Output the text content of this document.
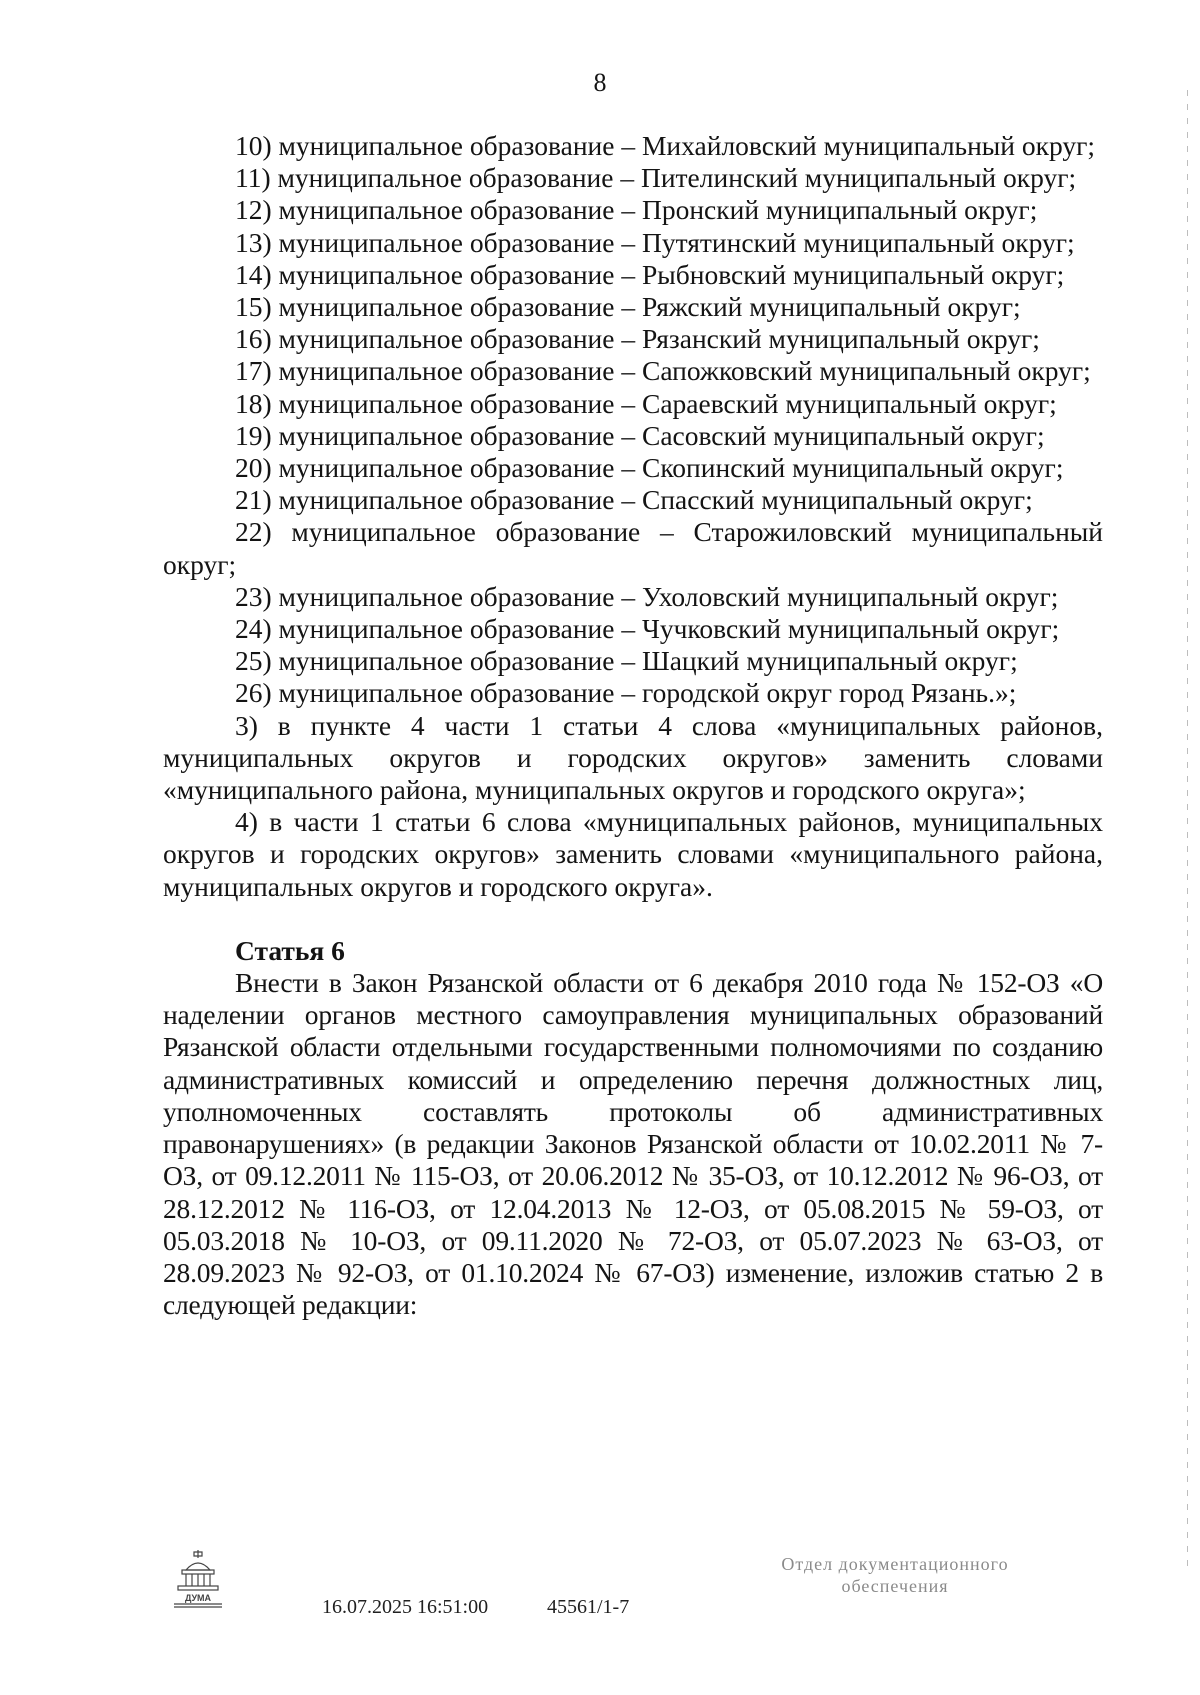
8

10) муниципальное образование – Михайловский муниципальный округ;

11) муниципальное образование – Пителинский муниципальный округ;

12) муниципальное образование – Пронский муниципальный округ;

13) муниципальное образование – Путятинский муниципальный округ;

14) муниципальное образование – Рыбновский муниципальный округ;

15) муниципальное образование – Ряжский муниципальный округ;

16) муниципальное образование – Рязанский муниципальный округ;

17) муниципальное образование – Сапожковский муниципальный округ;

18) муниципальное образование – Сараевский муниципальный округ;

19) муниципальное образование – Сасовский муниципальный округ;

20) муниципальное образование – Скопинский муниципальный округ;

21) муниципальное образование – Спасский муниципальный округ;

22) муниципальное образование – Старожиловский муниципальный округ;

23) муниципальное образование – Ухоловский муниципальный округ;

24) муниципальное образование – Чучковский муниципальный округ;

25) муниципальное образование – Шацкий муниципальный округ;

26) муниципальное образование – городской округ город Рязань.»;

3) в пункте 4 части 1 статьи 4 слова «муниципальных районов, муниципальных округов и городских округов» заменить словами «муниципального района, муниципальных округов и городского округа»;

4) в части 1 статьи 6 слова «муниципальных районов, муниципальных округов и городских округов» заменить словами «муниципального района, муниципальных округов и городского округа».

Статья 6

Внести в Закон Рязанской области от 6 декабря 2010 года № 152-ОЗ «О наделении органов местного самоуправления муниципальных образований Рязанской области отдельными государственными полномочиями по созданию административных комиссий и определению перечня должностных лиц, уполномоченных составлять протоколы об административных правонарушениях» (в редакции Законов Рязанской области от 10.02.2011 № 7-ОЗ, от 09.12.2011 № 115-ОЗ, от 20.06.2012 № 35-ОЗ, от 10.12.2012 № 96-ОЗ, от 28.12.2012 № 116-ОЗ, от 12.04.2013 № 12-ОЗ, от 05.08.2015 № 59-ОЗ, от 05.03.2018 № 10-ОЗ, от 09.11.2020 № 72-ОЗ, от 05.07.2023 № 63-ОЗ, от 28.09.2023 № 92-ОЗ, от 01.10.2024 № 67-ОЗ) изменение, изложив статью 2 в следующей редакции:

ДУМА	16.07.2025 16:51:00	45561/1-7
Отдел документационного
обеспечения
